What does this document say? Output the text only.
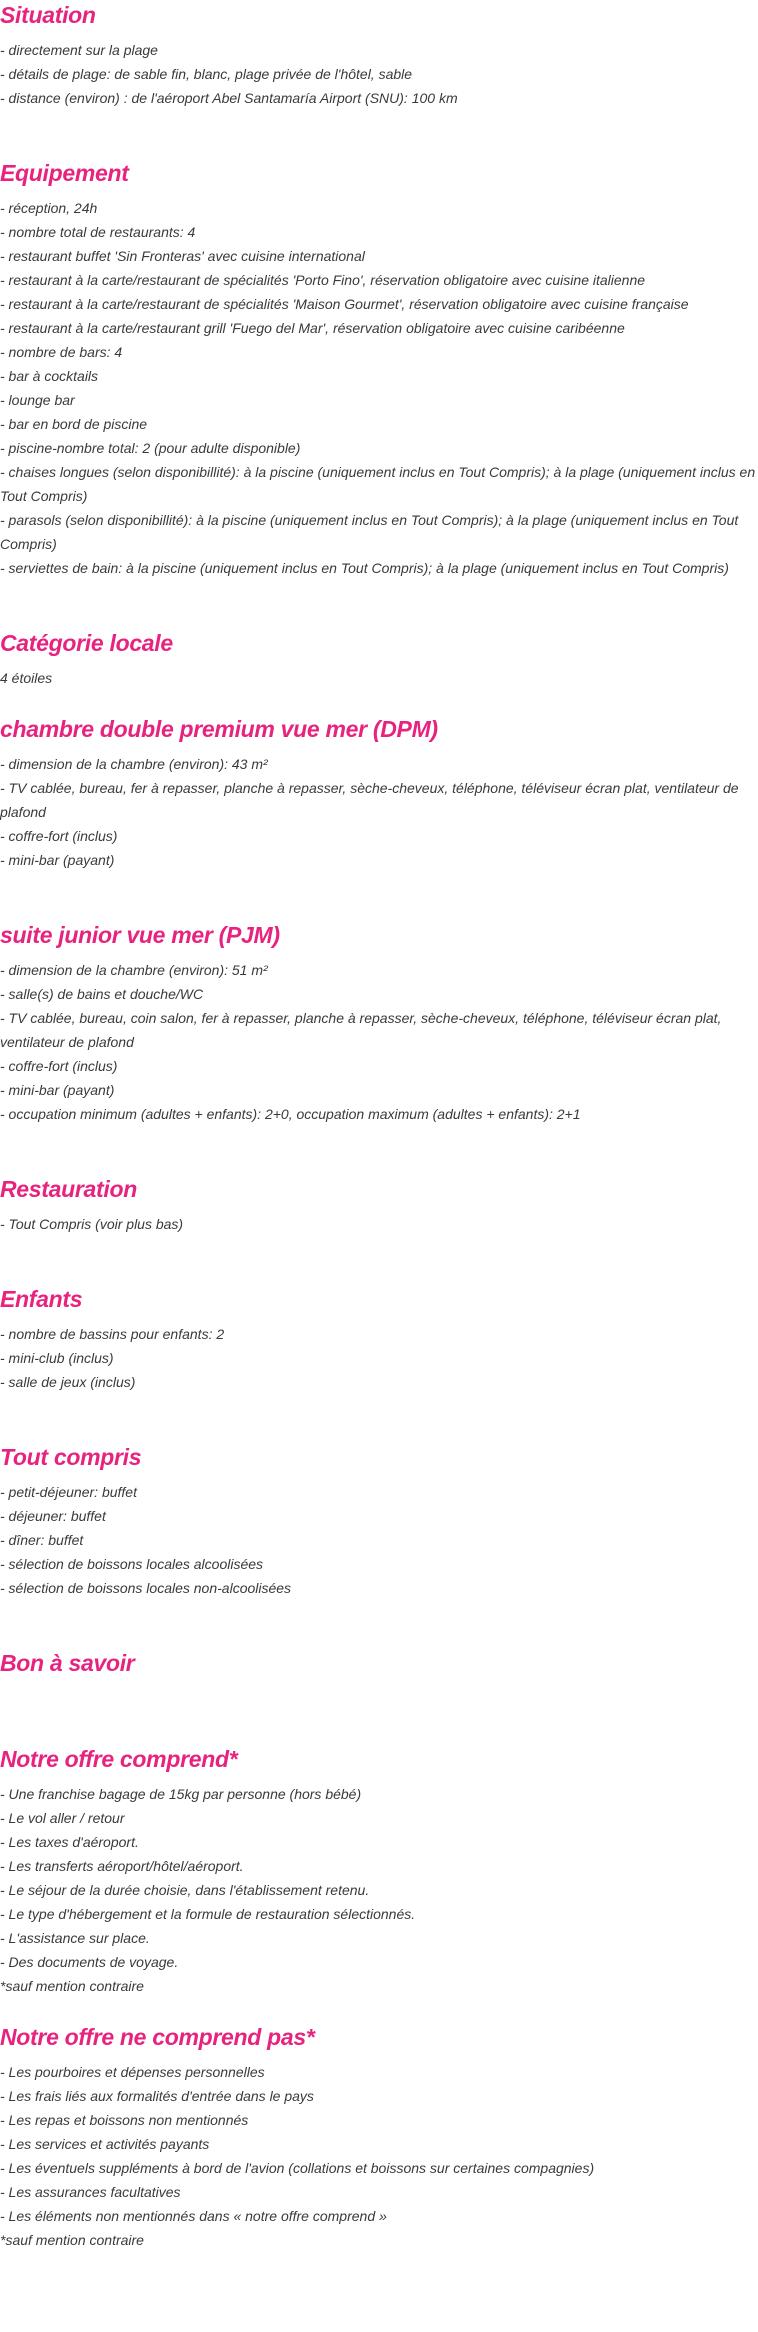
Situation
- directement sur la plage
- détails de plage: de sable fin, blanc, plage privée de l'hôtel, sable
- distance (environ) : de l'aéroport Abel Santamaría Airport (SNU): 100 km
Equipement
- réception, 24h
- nombre total de restaurants: 4
- restaurant buffet 'Sin Fronteras' avec cuisine international
- restaurant à la carte/restaurant de spécialités 'Porto Fino', réservation obligatoire avec cuisine italienne
- restaurant à la carte/restaurant de spécialités 'Maison Gourmet', réservation obligatoire avec cuisine française
- restaurant à la carte/restaurant grill 'Fuego del Mar', réservation obligatoire avec cuisine caribéenne
- nombre de bars: 4
- bar à cocktails
- lounge bar
- bar en bord de piscine
- piscine-nombre total: 2 (pour adulte disponible)
- chaises longues (selon disponibillité): à la piscine (uniquement inclus en Tout Compris); à la plage (uniquement inclus en Tout Compris)
- parasols (selon disponibillité): à la piscine (uniquement inclus en Tout Compris); à la plage (uniquement inclus en Tout Compris)
- serviettes de bain: à la piscine (uniquement inclus en Tout Compris); à la plage (uniquement inclus en Tout Compris)
Catégorie locale
4 étoiles
chambre double premium vue mer (DPM)
- dimension de la chambre (environ): 43 m²
- TV cablée, bureau, fer à repasser, planche à repasser, sèche-cheveux, téléphone, téléviseur écran plat, ventilateur de plafond
- coffre-fort (inclus)
- mini-bar (payant)
suite junior vue mer (PJM)
- dimension de la chambre (environ): 51 m²
- salle(s) de bains et douche/WC
- TV cablée, bureau, coin salon, fer à repasser, planche à repasser, sèche-cheveux, téléphone, téléviseur écran plat, ventilateur de plafond
- coffre-fort (inclus)
- mini-bar (payant)
- occupation minimum (adultes + enfants): 2+0, occupation maximum (adultes + enfants): 2+1
Restauration
- Tout Compris (voir plus bas)
Enfants
- nombre de bassins pour enfants: 2
- mini-club (inclus)
- salle de jeux (inclus)
Tout compris
- petit-déjeuner: buffet
- déjeuner: buffet
- dîner: buffet
- sélection de boissons locales alcoolisées
- sélection de boissons locales non-alcoolisées
Bon à savoir
Notre offre comprend*
- Une franchise bagage de 15kg par personne (hors bébé)
- Le vol aller / retour
- Les taxes d'aéroport.
- Les transferts aéroport/hôtel/aéroport.
- Le séjour de la durée choisie, dans l'établissement retenu.
- Le type d'hébergement et la formule de restauration sélectionnés.
- L'assistance sur place.
- Des documents de voyage.
*sauf mention contraire
Notre offre ne comprend pas*
- Les pourboires et dépenses personnelles
- Les frais liés aux formalités d'entrée dans le pays
- Les repas et boissons non mentionnés
- Les services et activités payants
- Les éventuels suppléments à bord de l'avion (collations et boissons sur certaines compagnies)
- Les assurances facultatives
- Les éléments non mentionnés dans « notre offre comprend »
*sauf mention contraire
